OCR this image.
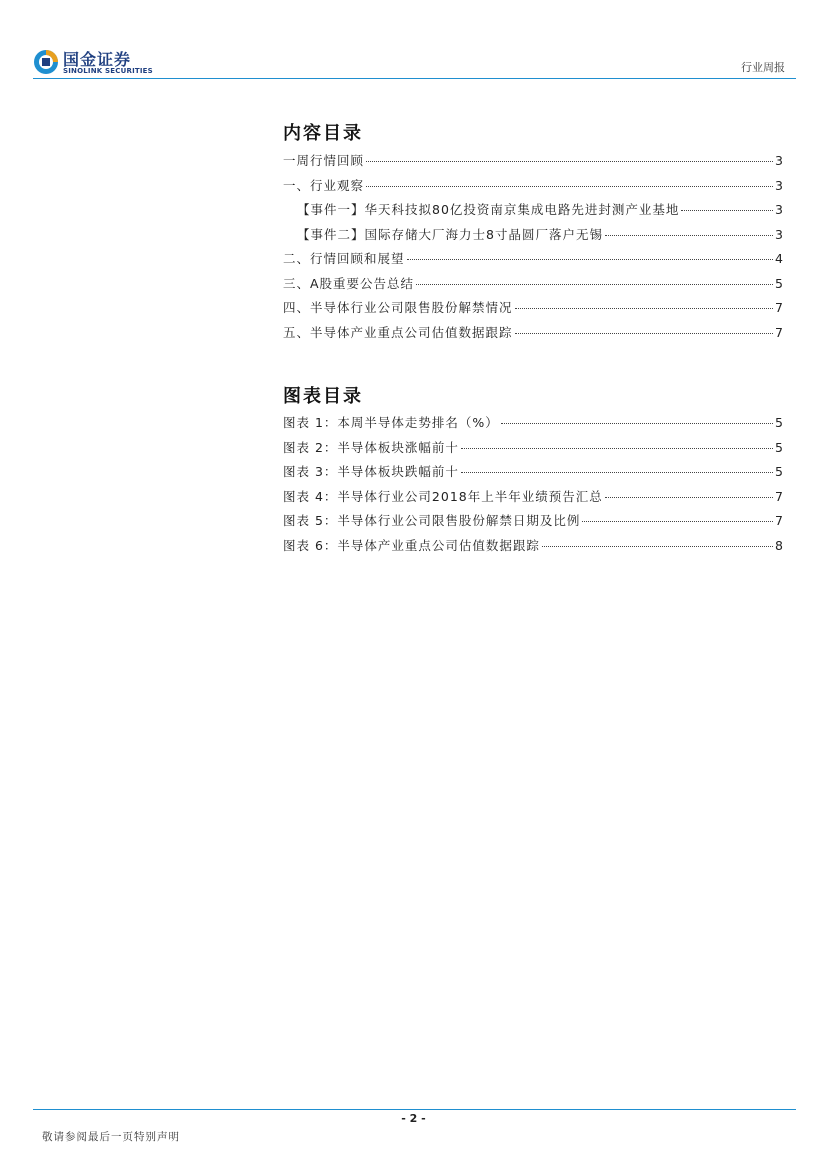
国金证券
SINOLINK SECURITIES	行业周报
内容目录
一周行情回顾	3
一、行业观察	3
【事件一】华天科技拟80亿投资南京集成电路先进封测产业基地	3
【事件二】国际存储大厂海力士8寸晶圆厂落户无锡	3
二、行情回顾和展望	4
三、A股重要公告总结	5
四、半导体行业公司限售股份解禁情况	7
五、半导体产业重点公司估值数据跟踪	7
图表目录
图表 1：本周半导体走势排名（%）	5
图表 2：半导体板块涨幅前十	5
图表 3：半导体板块跌幅前十	5
图表 4：半导体行业公司2018年上半年业绩预告汇总	7
图表 5：半导体行业公司限售股份解禁日期及比例	7
图表 6：半导体产业重点公司估值数据跟踪	8
- 2 -
敬请参阅最后一页特别声明
